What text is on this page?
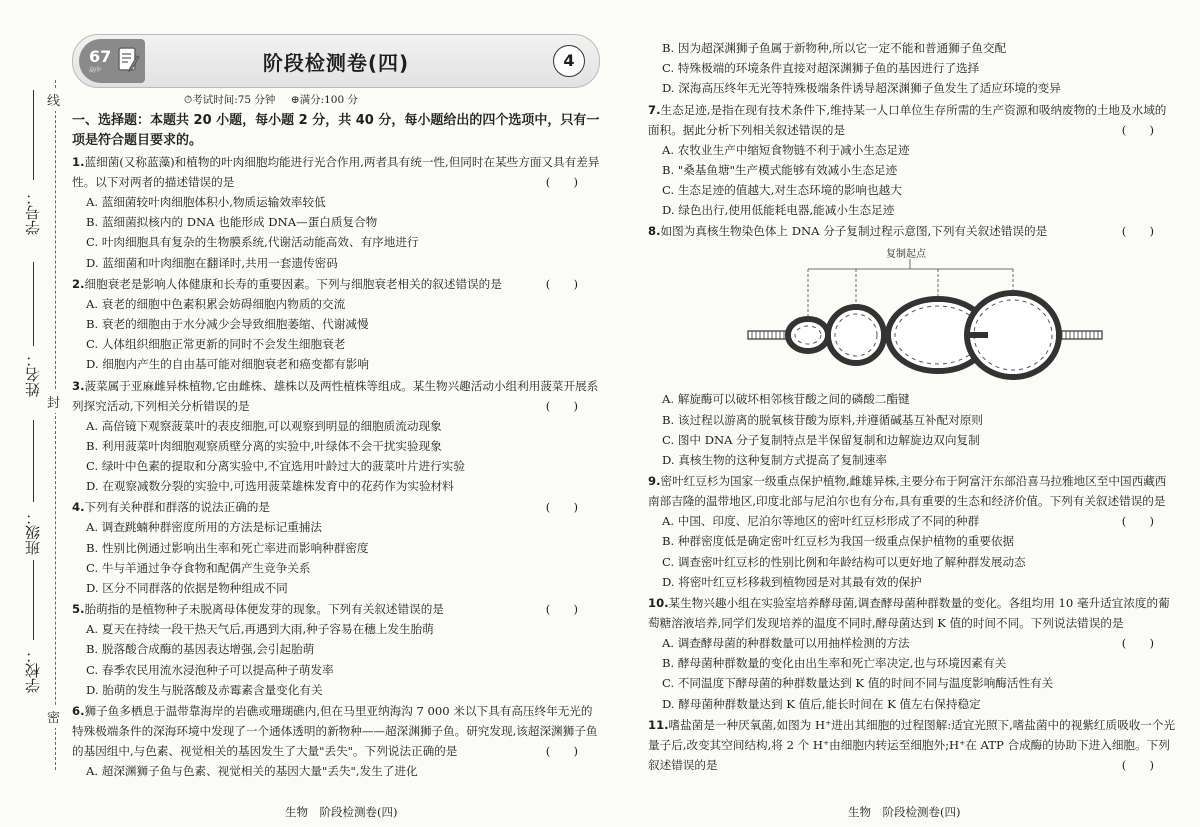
线
封
密
学号：
姓名：
班级：
学校：
67
高中	阶段检测卷(四)	4
⏱考试时间:75 分钟 ⊕满分:100 分
一、选择题：本题共 20 小题，每小题 2 分，共 40 分，每小题给出的四个选项中，只有一项是符合题目要求的。
1.蓝细菌(又称蓝藻)和植物的叶肉细胞均能进行光合作用,两者具有统一性,但同时在某些方面又具有差异性。以下对两者的描述错误的是	(　　)
A. 蓝细菌较叶肉细胞体积小,物质运输效率较低
B. 蓝细菌拟核内的 DNA 也能形成 DNA—蛋白质复合物
C. 叶肉细胞具有复杂的生物膜系统,代谢活动能高效、有序地进行
D. 蓝细菌和叶肉细胞在翻译时,共用一套遗传密码
2.细胞衰老是影响人体健康和长寿的重要因素。下列与细胞衰老相关的叙述错误的是	(　　)
A. 衰老的细胞中色素积累会妨碍细胞内物质的交流
B. 衰老的细胞由于水分减少会导致细胞萎缩、代谢减慢
C. 人体组织细胞正常更新的同时不会发生细胞衰老
D. 细胞内产生的自由基可能对细胞衰老和癌变都有影响
3.菠菜属于亚麻雌异株植物,它由雌株、雄株以及两性植株等组成。某生物兴趣活动小组利用菠菜开展系列探究活动,下列相关分析错误的是	(　　)
A. 高倍镜下观察菠菜叶的表皮细胞,可以观察到明显的细胞质流动现象
B. 利用菠菜叶肉细胞观察质壁分离的实验中,叶绿体不会干扰实验现象
C. 绿叶中色素的提取和分离实验中,不宜选用叶龄过大的菠菜叶片进行实验
D. 在观察减数分裂的实验中,可选用菠菜雄株发育中的花药作为实验材料
4.下列有关种群和群落的说法正确的是	(　　)
A. 调查跳蝻种群密度所用的方法是标记重捕法
B. 性别比例通过影响出生率和死亡率进而影响种群密度
C. 牛与羊通过争夺食物和配偶产生竞争关系
D. 区分不同群落的依据是物种组成不同
5.胎萌指的是植物种子未脱离母体便发芽的现象。下列有关叙述错误的是	(　　)
A. 夏天在持续一段干热天气后,再遇到大雨,种子容易在穗上发生胎萌
B. 脱落酸合成酶的基因表达增强,会引起胎萌
C. 春季农民用流水浸泡种子可以提高种子萌发率
D. 胎萌的发生与脱落酸及赤霉素含量变化有关
6.狮子鱼多栖息于温带靠海岸的岩礁或珊瑚礁内,但在马里亚纳海沟 7 000 米以下具有高压终年无光的特殊极端条件的深海环境中发现了一个通体透明的新物种——超深渊狮子鱼。研究发现,该超深渊狮子鱼的基因组中,与色素、视觉相关的基因发生了大量"丢失"。下列说法正确的是	(　　)
A. 超深渊狮子鱼与色素、视觉相关的基因大量"丢失",发生了进化
B. 因为超深渊狮子鱼属于新物种,所以它一定不能和普通狮子鱼交配
C. 特殊极端的环境条件直接对超深渊狮子鱼的基因进行了选择
D. 深海高压终年无光等特殊极端条件诱导超深渊狮子鱼发生了适应环境的变异
7.生态足迹,是指在现有技术条件下,维持某一人口单位生存所需的生产资源和吸纳废物的土地及水域的面积。据此分析下列相关叙述错误的是	(　　)
A. 农牧业生产中缩短食物链不利于减小生态足迹
B. "桑基鱼塘"生产模式能够有效减小生态足迹
C. 生态足迹的值越大,对生态环境的影响也越大
D. 绿色出行,使用低能耗电器,能减小生态足迹
8.如图为真核生物染色体上 DNA 分子复制过程示意图,下列有关叙述错误的是	(　　)
复制起点
A. 解旋酶可以破坏相邻核苷酸之间的磷酸二酯键
B. 该过程以游离的脱氧核苷酸为原料,并遵循碱基互补配对原则
C. 图中 DNA 分子复制特点是半保留复制和边解旋边双向复制
D. 真核生物的这种复制方式提高了复制速率
9.密叶红豆杉为国家一级重点保护植物,雌雄异株,主要分布于阿富汗东部沿喜马拉雅地区至中国西藏西南部吉隆的温带地区,印度北部与尼泊尔也有分布,具有重要的生态和经济价值。下列有关叙述错误的是
(　　)
A. 中国、印度、尼泊尔等地区的密叶红豆杉形成了不同的种群
B. 种群密度低是确定密叶红豆杉为我国一级重点保护植物的重要依据
C. 调查密叶红豆杉的性别比例和年龄结构可以更好地了解种群发展动态
D. 将密叶红豆杉移栽到植物园是对其最有效的保护
10.某生物兴趣小组在实验室培养酵母菌,调查酵母菌种群数量的变化。各组均用 10 毫升适宜浓度的葡萄糖溶液培养,同学们发现培养的温度不同时,酵母菌达到 K 值的时间不同。下列说法错误的是
(　　)
A. 调查酵母菌的种群数量可以用抽样检测的方法
B. 酵母菌种群数量的变化由出生率和死亡率决定,也与环境因素有关
C. 不同温度下酵母菌的种群数量达到 K 值的时间不同与温度影响酶活性有关
D. 酵母菌种群数量达到 K 值后,能长时间在 K 值左右保持稳定
11.嗜盐菌是一种厌氧菌,如图为 H⁺进出其细胞的过程图解:适宜光照下,嗜盐菌中的视紫红质吸收一个光量子后,改变其空间结构,将 2 个 H⁺由细胞内转运至细胞外;H⁺在 ATP 合成酶的协助下进入细胞。下列叙述错误的是	(　　)
生物　阶段检测卷(四)	生物　阶段检测卷(四)
